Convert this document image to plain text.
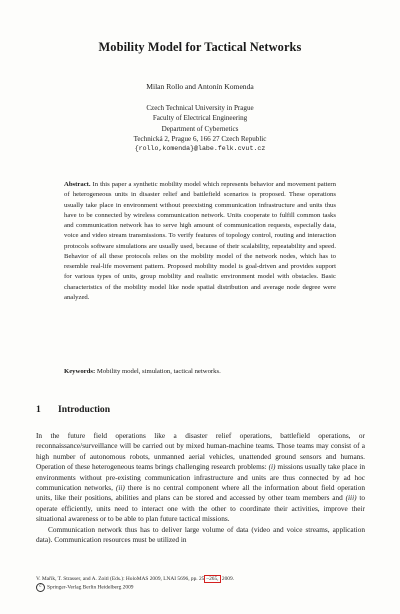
Mobility Model for Tactical Networks
Milan Rollo and Antonín Komenda
Czech Technical University in Prague
Faculty of Electrical Engineering
Department of Cybernetics
Technická 2, Prague 6, 166 27 Czech Republic
{rollo,komenda}@labe.felk.cvut.cz
Abstract. In this paper a synthetic mobility model which represents behavior and movement pattern of heterogeneous units in disaster relief and battlefield scenarios is proposed. These operations usually take place in environment without preexisting communication infrastructure and units thus have to be connected by wireless communication network. Units cooperate to fulfill common tasks and communication network has to serve high amount of communication requests, especially data, voice and video stream transmissions. To verify features of topology control, routing and interaction protocols software simulations are usually used, because of their scalability, repeatability and speed. Behavior of all these protocols relies on the mobility model of the network nodes, which has to resemble real-life movement pattern. Proposed mobility model is goal-driven and provides support for various types of units, group mobility and realistic environment model with obstacles. Basic characteristics of the mobility model like node spatial distribution and average node degree were analyzed.
Keywords: Mobility model, simulation, tactical networks.
1 Introduction

In the future field operations like a disaster relief operations, battlefield operations, or reconnaissance/surveillance will be carried out by mixed human-machine teams. Those teams may consist of a high number of autonomous robots, unmanned aerial vehicles, unattended ground sensors and humans. Operation of these heterogeneous teams brings challenging research problems: (i) missions usually take place in environments without pre-existing communication infrastructure and units are thus connected by ad hoc communication networks, (ii) there is no central component where all the information about field operation units, like their positions, abilities and plans can be stored and accessed by other team members and (iii) to operate efficiently, units need to interact one with the other to coordinate their activities, improve their situational awareness or to be able to plan future tactical missions.

Communication network thus has to deliver large volume of data (video and voice streams, application data). Communication resources must be utilized in

V. Mařík, T. Strasser, and A. Zoitl (Eds.): HoloMAS 2009, LNAI 5696, pp. 25 –265, 2009.
c Springer-Verlag Berlin Heidelberg 2009
